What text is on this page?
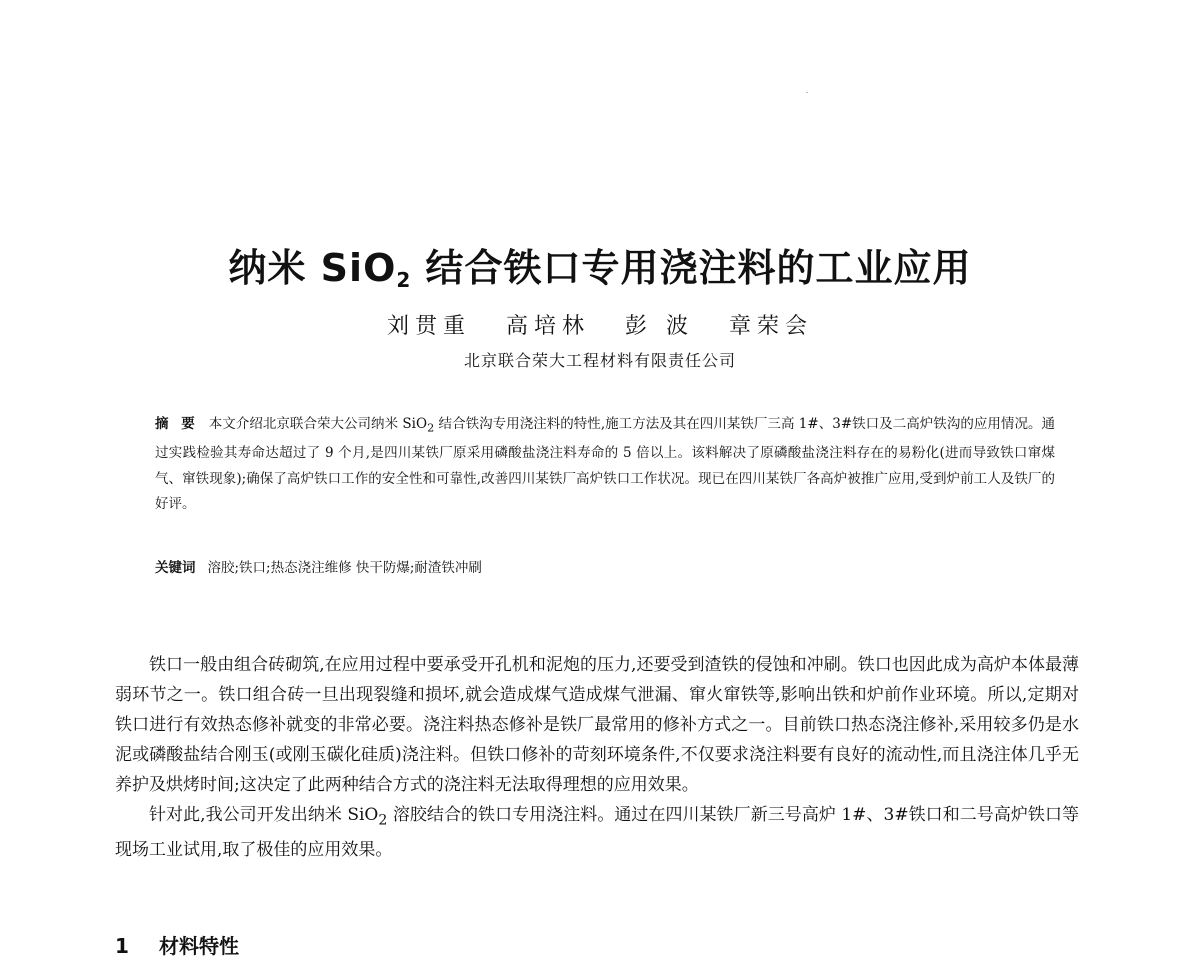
纳米 SiO$_2$ 结合铁口专用浇注料的工业应用
刘贯重 高培林 彭 波 章荣会
北京联合荣大工程材料有限责任公司
摘 要 本文介绍北京联合荣大公司纳米 SiO$_2$ 结合铁沟专用浇注料的特性,施工方法及其在四川某铁厂三高 1#、3#铁口及二高炉铁沟的应用情况。通过实践检验其寿命达超过了 9 个月,是四川某铁厂原采用磷酸盐浇注料寿命的 5 倍以上。该料解决了原磷酸盐浇注料存在的易粉化(进而导致铁口窜煤气、窜铁现象);确保了高炉铁口工作的安全性和可靠性,改善四川某铁厂高炉铁口工作状况。现已在四川某铁厂各高炉被推广应用,受到炉前工人及铁厂的好评。
关键词 溶胶;铁口;热态浇注维修 快干防爆;耐渣铁冲刷

铁口一般由组合砖砌筑,在应用过程中要承受开孔机和泥炮的压力,还要受到渣铁的侵蚀和冲刷。铁口也因此成为高炉本体最薄弱环节之一。铁口组合砖一旦出现裂缝和损坏,就会造成煤气造成煤气泄漏、窜火窜铁等,影响出铁和炉前作业环境。所以,定期对铁口进行有效热态修补就变的非常必要。浇注料热态修补是铁厂最常用的修补方式之一。目前铁口热态浇注修补,采用较多仍是水泥或磷酸盐结合刚玉(或刚玉碳化硅质)浇注料。但铁口修补的苛刻环境条件,不仅要求浇注料要有良好的流动性,而且浇注体几乎无养护及烘烤时间;这决定了此两种结合方式的浇注料无法取得理想的应用效果。

针对此,我公司开发出纳米 SiO$_2$ 溶胶结合的铁口专用浇注料。通过在四川某铁厂新三号高炉 1#、3#铁口和二号高炉铁口等现场工业试用,取了极佳的应用效果。

1 材料特性
